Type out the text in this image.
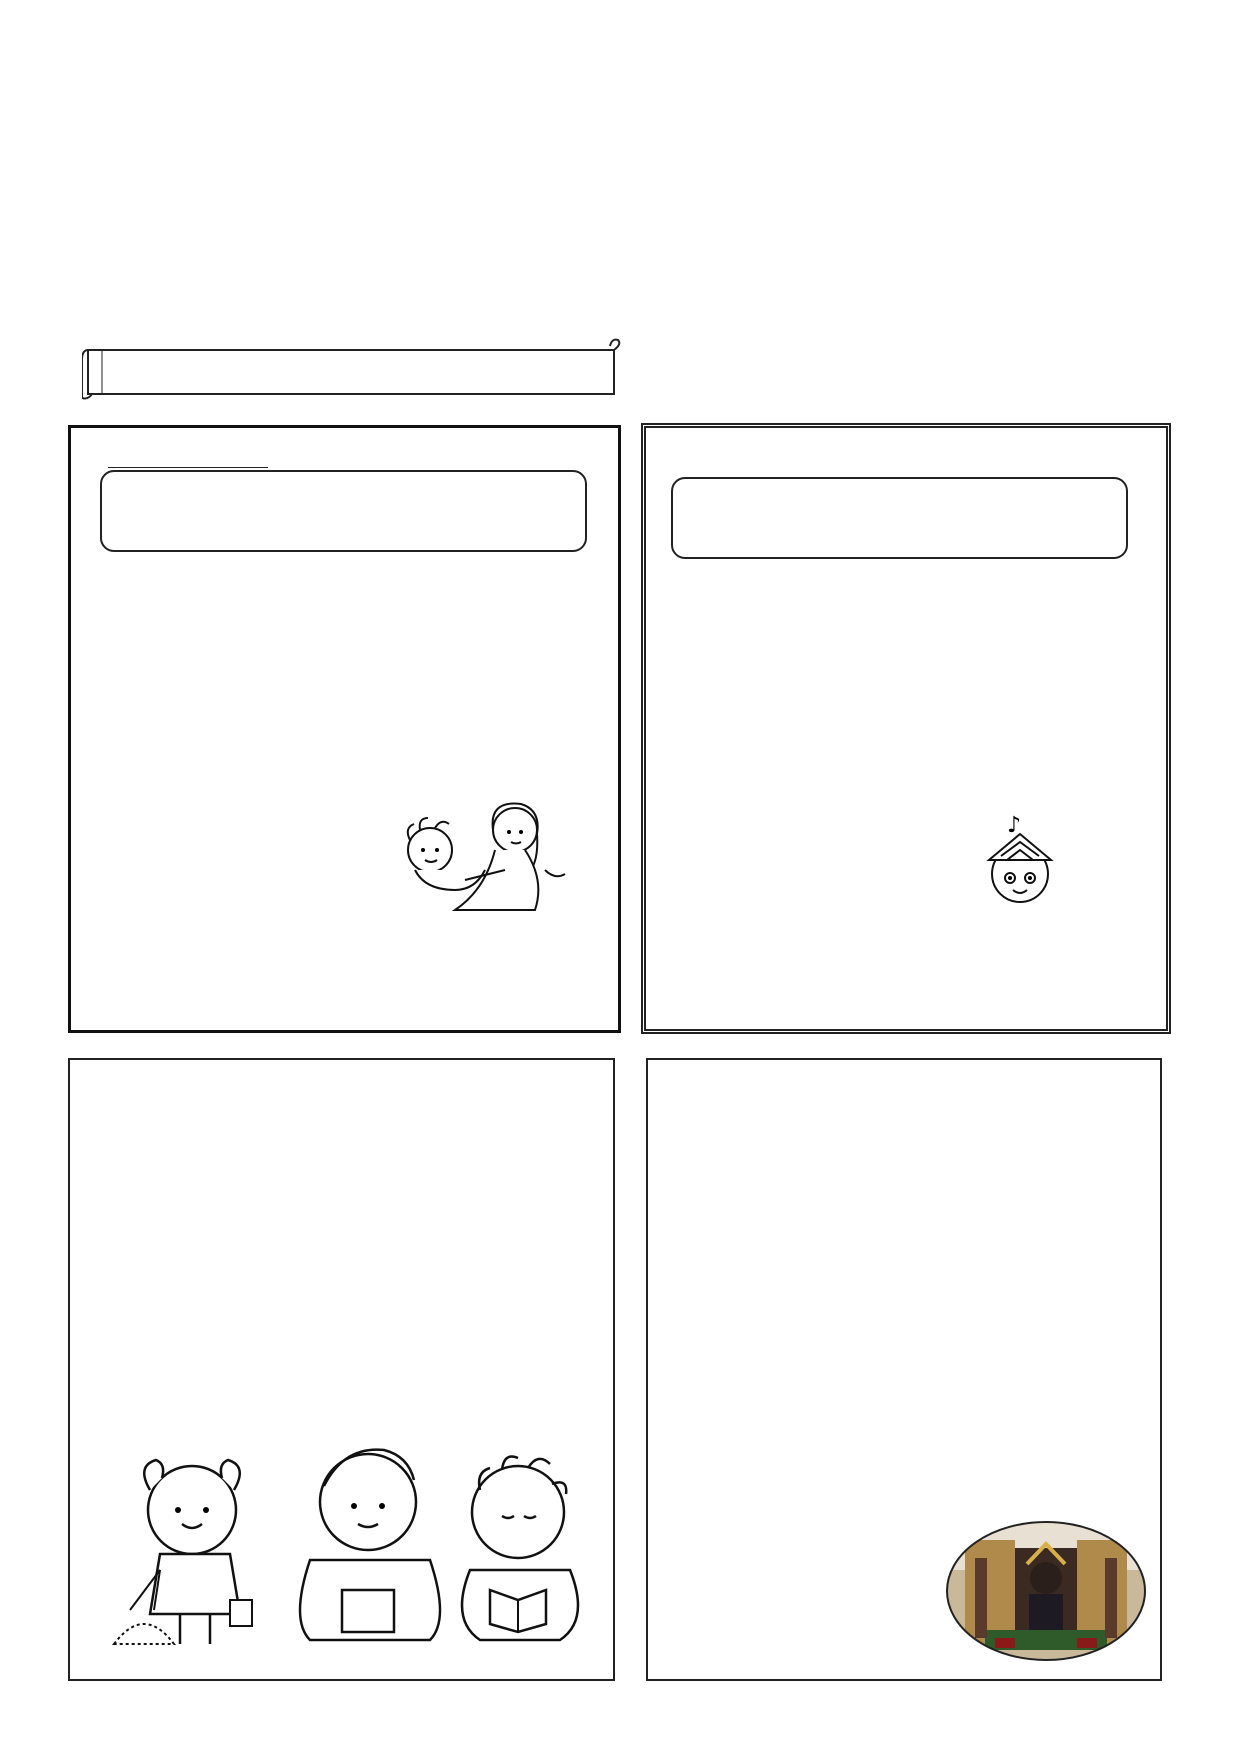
♪
